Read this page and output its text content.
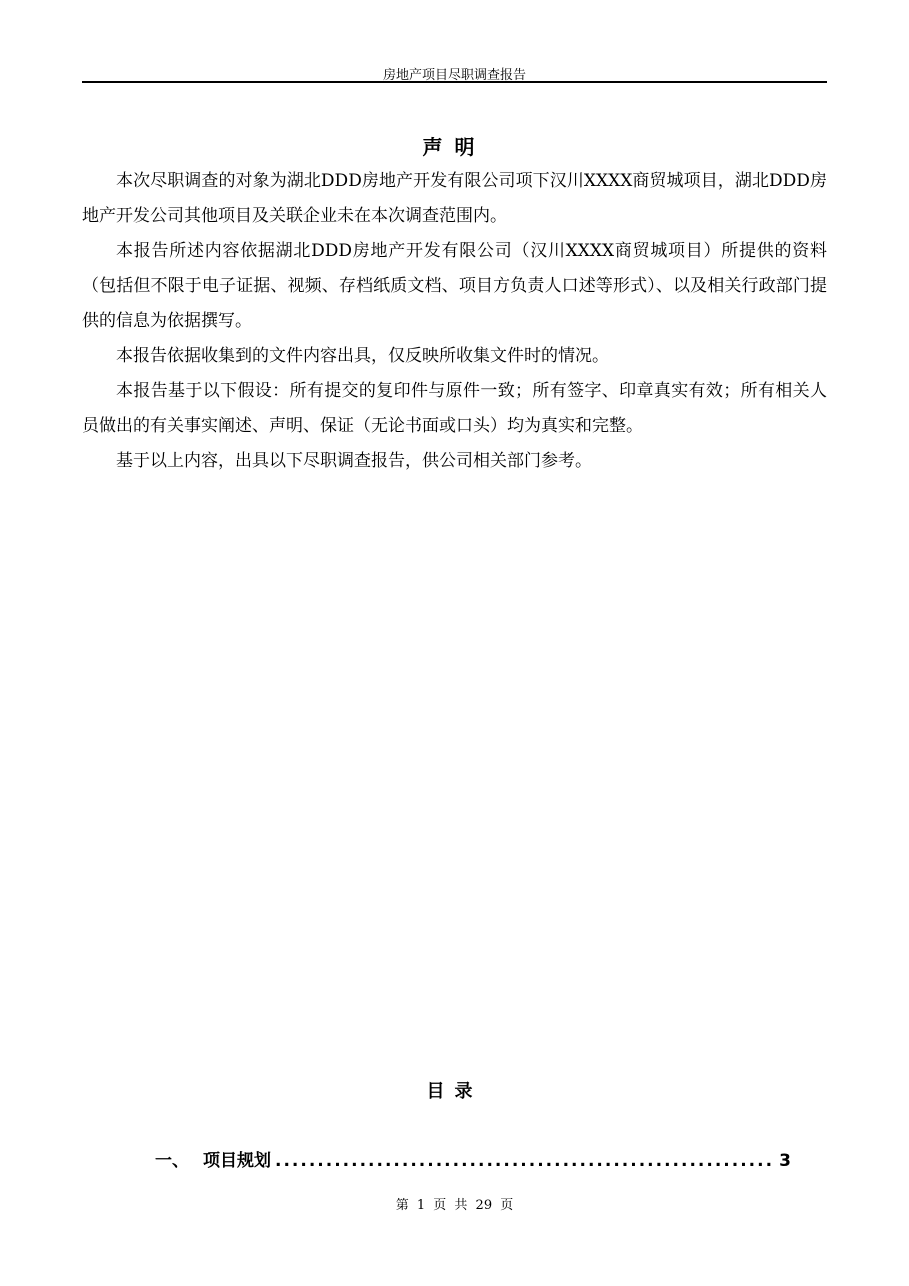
房地产项目尽职调查报告
声明

本次尽职调查的对象为湖北DDD房地产开发有限公司项下汉川XXXX商贸城项目，湖北DDD房地产开发公司其他项目及关联企业未在本次调查范围内。

本报告所述内容依据湖北DDD房地产开发有限公司（汉川XXXX商贸城项目）所提供的资料（包括但不限于电子证据、视频、存档纸质文档、项目方负责人口述等形式）、以及相关行政部门提供的信息为依据撰写。

本报告依据收集到的文件内容出具，仅反映所收集文件时的情况。

本报告基于以下假设：所有提交的复印件与原件一致；所有签字、印章真实有效；所有相关人员做出的有关事实阐述、声明、保证（无论书面或口头）均为真实和完整。

基于以上内容，出具以下尽职调查报告，供公司相关部门参考。

目录
一、 项目规划
.....	3
第 1 页 共 29 页
